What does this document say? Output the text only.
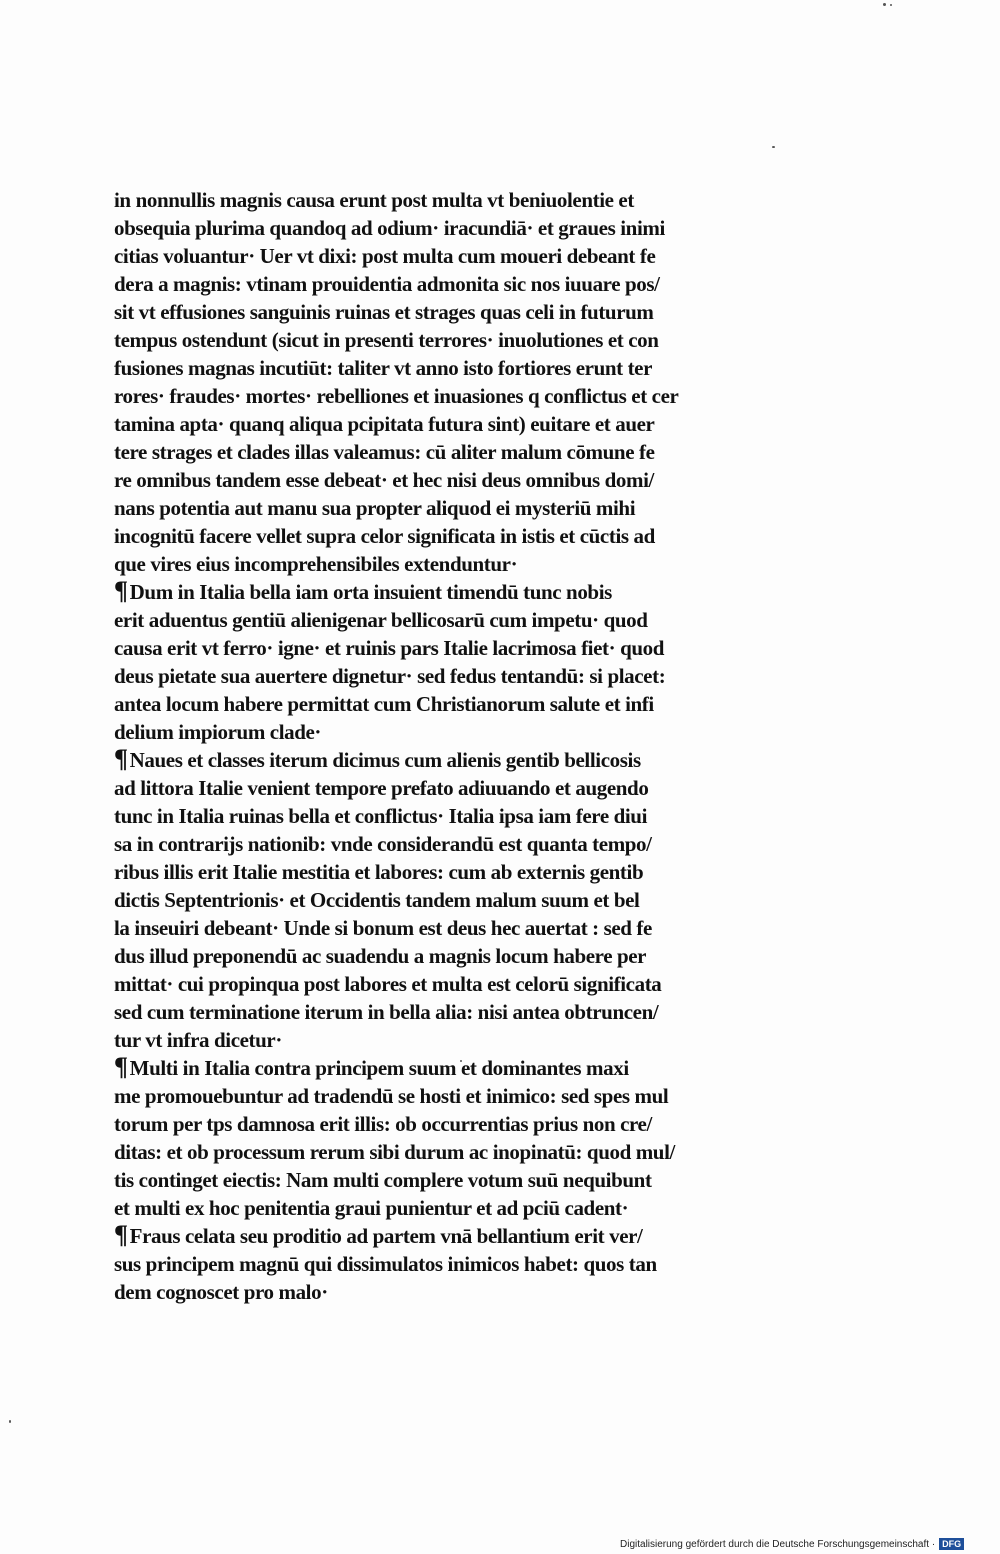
in nonnullis magnis causa erunt post multa vt beniuolentie et
obsequia plurima quandoq ad odium· iracundiā· et graues inimi
citias voluantur· Uer vt dixi: post multa cum moueri debeant fe
dera a magnis: vtinam prouidentia admonita sic nos iuuare pos/
sit vt effusiones sanguinis ruinas et strages quas celi in futurum
tempus ostendunt (sicut in presenti terrores· inuolutiones et con
fusiones magnas incutiūt: taliter vt anno isto fortiores erunt ter
rores· fraudes· mortes· rebelliones et inuasiones q conflictus et cer
tamina apta· quanq aliqua pcipitata futura sint) euitare et auer
tere strages et clades illas valeamus: cū aliter malum cōmune fe
re omnibus tandem esse debeat· et hec nisi deus omnibus domi/
nans potentia aut manu sua propter aliquod ei mysteriū mihi
incognitū facere vellet supra celor significata in istis et cūctis ad
que vires eius incomprehensibiles extenduntur·
¶Dum in Italia bella iam orta insuient timendū tunc nobis
erit aduentus gentiū alienigenar bellicosarū cum impetu· quod
causa erit vt ferro· igne· et ruinis pars Italie lacrimosa fiet· quod
deus pietate sua auertere dignetur· sed fedus tentandū: si placet:
antea locum habere permittat cum Christianorum salute et infi
delium impiorum clade·
¶Naues et classes iterum dicimus cum alienis gentib bellicosis
ad littora Italie venient tempore prefato adiuuando et augendo
tunc in Italia ruinas bella et conflictus· Italia ipsa iam fere diui
sa in contrarijs nationib: vnde considerandū est quanta tempo/
ribus illis erit Italie mestitia et labores: cum ab externis gentib
dictis Septentrionis· et Occidentis tandem malum suum et bel
la inseuiri debeant· Unde si bonum est deus hec auertat : sed fe
dus illud preponendū ac suadendu a magnis locum habere per
mittat· cui propinqua post labores et multa est celorū significata
sed cum terminatione iterum in bella alia: nisi antea obtruncen/
tur vt infra dicetur·
¶Multi in Italia contra principem suum et dominantes maxi
me promouebuntur ad tradendū se hosti et inimico: sed spes mul
torum per tps damnosa erit illis: ob occurrentias prius non cre/
ditas: et ob processum rerum sibi durum ac inopinatū: quod mul/
tis continget eiectis: Nam multi complere votum suū nequibunt
et multi ex hoc penitentia graui punientur et ad pciū cadent·
¶Fraus celata seu proditio ad partem vnā bellantium erit ver/
sus principem magnū qui dissimulatos inimicos habet: quos tan
dem cognoscet pro malo·
Digitalisierung gefördert durch die Deutsche Forschungsgemeinschaft · DFG
